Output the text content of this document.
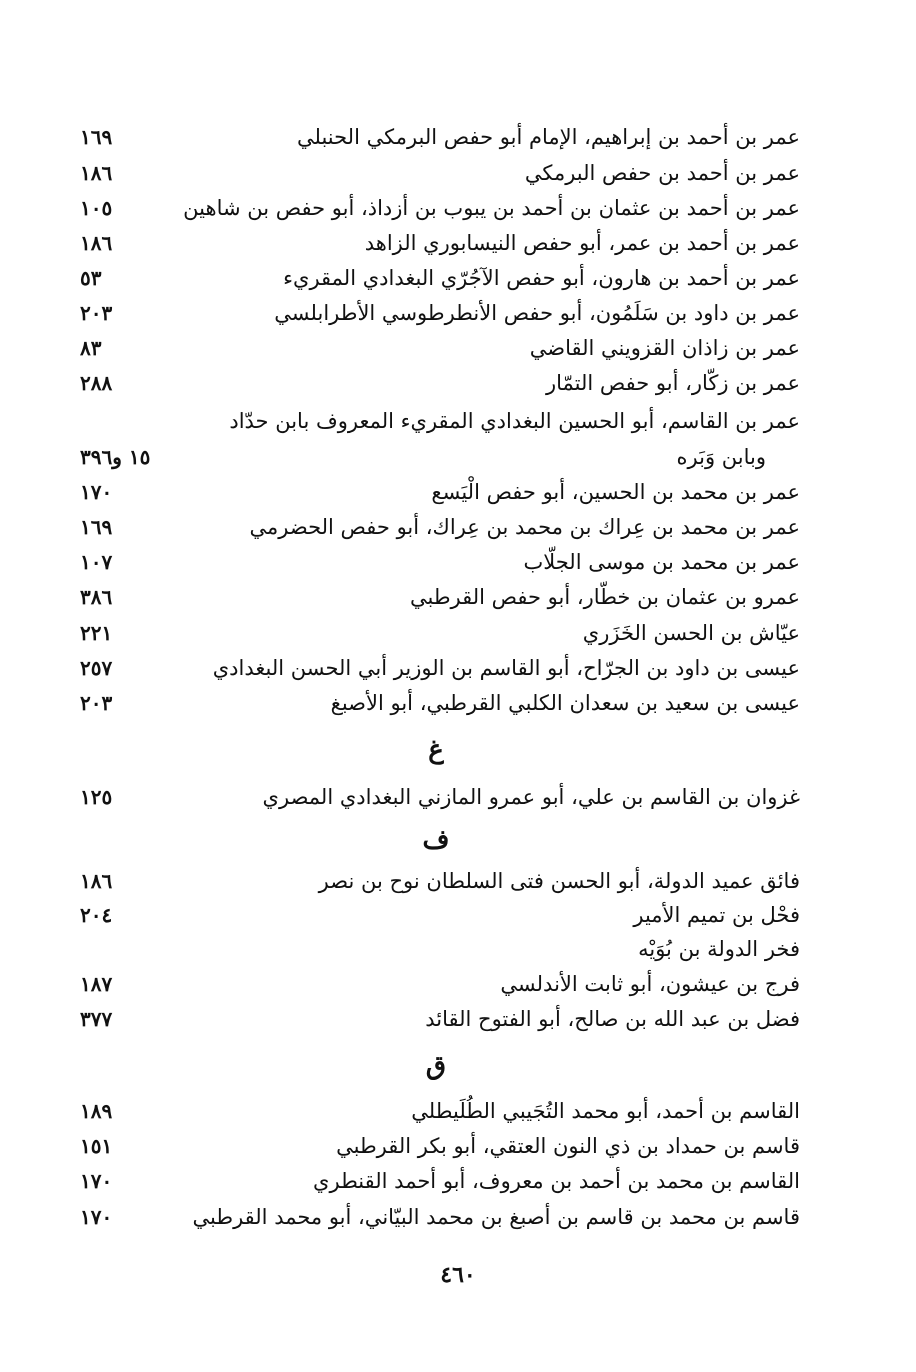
عمر بن أحمد بن إبراهيم، الإمام أبو حفص البرمكي الحنبلي
١٦٩
عمر بن أحمد بن حفص البرمكي
١٨٦
عمر بن أحمد بن عثمان بن أحمد بن يبوب بن أزداذ، أبو حفص بن شاهين
١٠٥
عمر بن أحمد بن عمر، أبو حفص النيسابوري الزاهد
١٨٦
عمر بن أحمد بن هارون، أبو حفص الآجُرّي البغدادي المقريء
٥٣
عمر بن داود بن سَلَمُون، أبو حفص الأنطرطوسي الأطرابلسي
٢٠٣
عمر بن زاذان القزويني القاضي
٨٣
عمر بن زكّار، أبو حفص التمّار
٢٨٨
عمر بن القاسم، أبو الحسين البغدادي المقريء المعروف بابن حدّاد
وبابن وَبَره
١٥ و٣٩٦
عمر بن محمد بن الحسين، أبو حفص الْيَسع
١٧٠
عمر بن محمد بن عِراك بن محمد بن عِراك، أبو حفص الحضرمي
١٦٩
عمر بن محمد بن موسى الجلّاب
١٠٧
عمرو بن عثمان بن خطّار، أبو حفص القرطبي
٣٨٦
عيّاش بن الحسن الخَزَري
٢٢١
عيسى بن داود بن الجرّاح، أبو القاسم بن الوزير أبي الحسن البغدادي
٢٥٧
عيسى بن سعيد بن سعدان الكلبي القرطبي، أبو الأصبغ
٢٠٣
غ
غزوان بن القاسم بن علي، أبو عمرو المازني البغدادي المصري
١٢٥
ف
فائق عميد الدولة، أبو الحسن فتى السلطان نوح بن نصر
١٨٦
فحْل بن تميم الأمير
٢٠٤
فخر الدولة بن بُوَيْه
فرج بن عيشون، أبو ثابت الأندلسي
١٨٧
فضل بن عبد الله بن صالح، أبو الفتوح القائد
٣٧٧
ق
القاسم بن أحمد، أبو محمد التُجَيبي الطُلَيطلي
١٨٩
قاسم بن حمداد بن ذي النون العتقي، أبو بكر القرطبي
١٥١
القاسم بن محمد بن أحمد بن معروف، أبو أحمد القنطري
١٧٠
قاسم بن محمد بن قاسم بن أصبغ بن محمد البيّاني، أبو محمد القرطبي
١٧٠
٤٦٠
